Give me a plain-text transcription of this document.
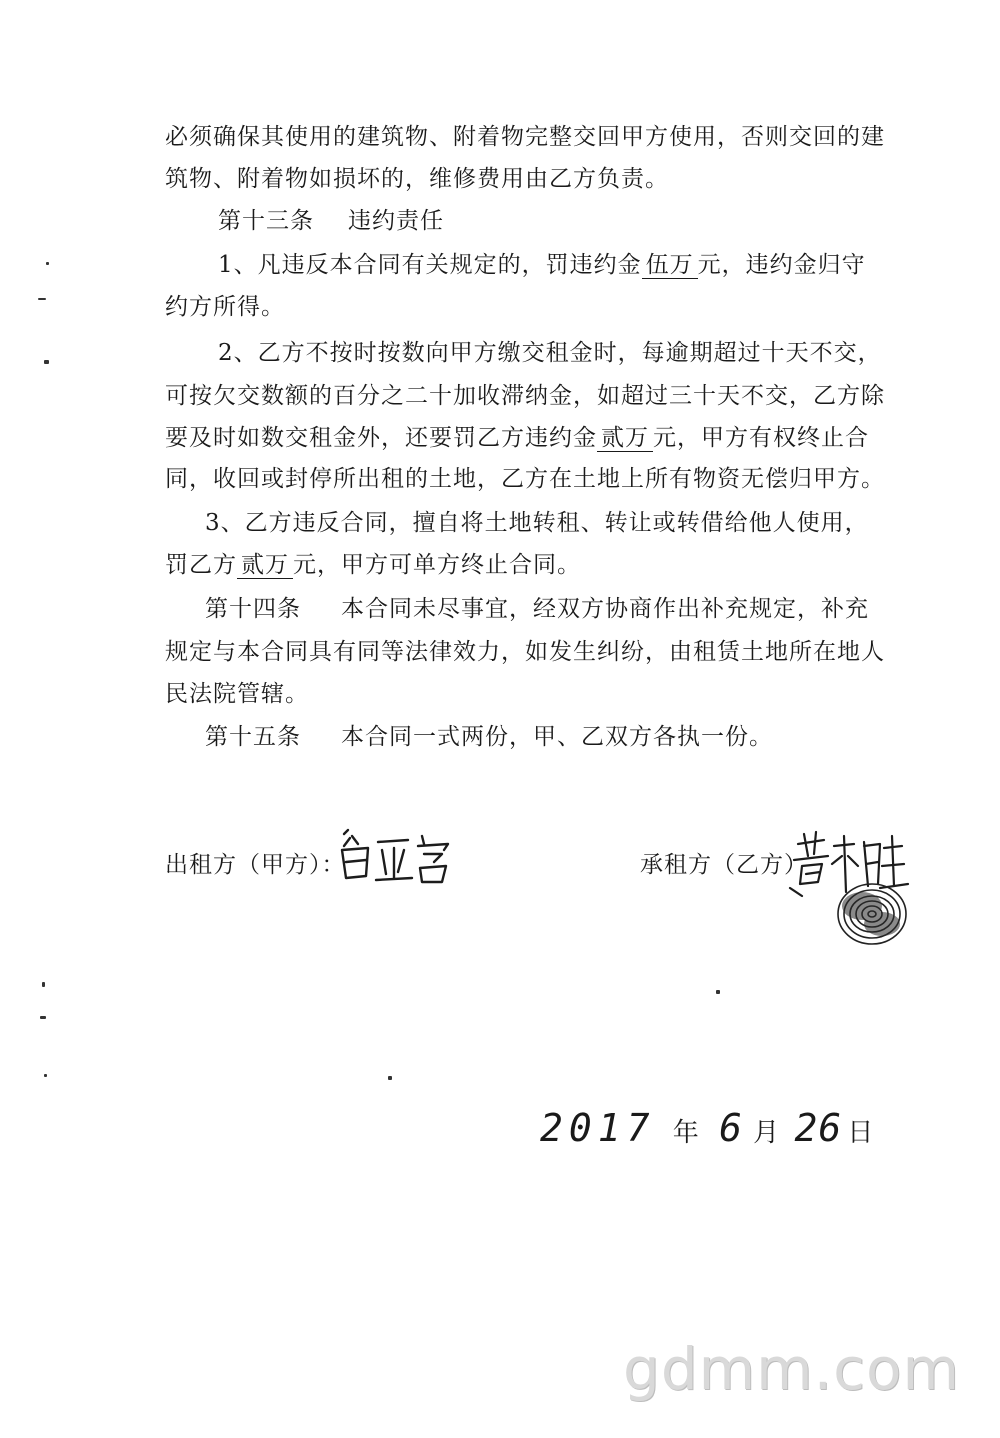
必须确保其使用的建筑物、附着物完整交回甲方使用，否则交回的建
筑物、附着物如损坏的，维修费用由乙方负责。
第十三条 违约责任
1、凡违反本合同有关规定的，罚违约金 伍万 元，违约金归守
约方所得。
2、乙方不按时按数向甲方缴交租金时，每逾期超过十天不交，
可按欠交数额的百分之二十加收滞纳金，如超过三十天不交，乙方除
要及时如数交租金外，还要罚乙方违约金 贰万 元，甲方有权终止合
同，收回或封停所出租的土地，乙方在土地上所有物资无偿归甲方。
3、乙方违反合同，擅自将土地转租、转让或转借给他人使用，
罚乙方 贰万 元，甲方可单方终止合同。
第十四条 本合同未尽事宜，经双方协商作出补充规定，补充
规定与本合同具有同等法律效力，如发生纠纷，由租赁土地所在地人
民法院管辖。
第十五条 本合同一式两份，甲、乙双方各执一份。
出租方（甲方）：	承租方（乙方）
2017 年 6 月 26 日
gdmm.com
